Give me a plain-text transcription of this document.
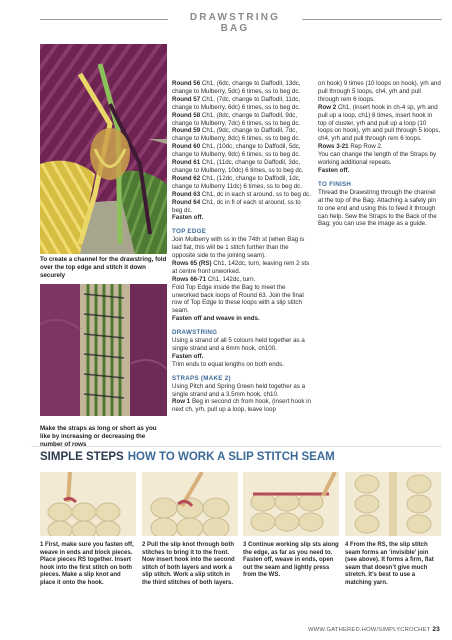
DRAWSTRING BAG
To create a channel for the drawstring, fold over the top edge and stitch it down securely
Make the straps as long or short as you like by increasing or decreasing the number of rows

Round 56 Ch1, (6dc, change to Daffodil, 13dc, change to Mulberry, 5dc) 6 times, ss to beg dc.

Round 57 Ch1, (7dc, change to Daffodil, 11dc, change to Mulberry, 6dc) 6 times, ss to beg dc.

Round 58 Ch1, (8dc, change to Daffodil, 9dc, change to Mulberry, 7dc) 6 times, ss to beg dc.

Round 59 Ch1, (9dc, change to Daffodil, 7dc, change to Mulberry, 8dc) 6 times, ss to beg dc.

Round 60 Ch1, (10dc, change to Daffodil, 5dc, change to Mulberry, 9dc) 6 times, ss to beg dc.

Round 61 Ch1, (11dc, change to Daffodil, 3dc, change to Mulberry, 10dc) 6 times, ss to beg dc.

Round 62 Ch1, (12dc, change to Daffodil, 1dc, change to Mulberry 11dc) 6 times, ss to beg dc.

Round 63 Ch1, dc in each st around, ss to beg dc.

Round 64 Ch1, dc in fl of each st around, ss to beg dc.

Fasten off.

TOP EDGE

Join Mulberry with ss in the 74th st (when Bag is laid flat, this will be 1 stitch further than the opposite side to the joining seam).

Rows 65 (RS) Ch1, 142dc, turn, leaving rem 2 sts at centre front unworked.

Rows 66-71 Ch1, 142dc, turn.

Fold Top Edge inside the Bag to meet the unworked back loops of Round 63. Join the final row of Top Edge to these loops with a slip stitch seam.

Fasten off and weave in ends.

DRAWSTRING

Using a strand of all 5 colours held together as a single strand and a 6mm hook, ch100.

Fasten off.

Trim ends to equal lengths on both ends.

STRAPS (MAKE 2)

Using Pitch and Spring Green held together as a single strand and a 3.5mm hook, ch10.

Row 1 Beg in second ch from hook, (insert hook in next ch, yrh, pull up a loop, leave loop

on hook) 9 times (10 loops on hook), yrh and pull through 5 loops, ch4, yrh and pull through rem 6 loops.

Row 2 Ch1, (insert hook in ch-4 sp, yrh and pull up a loop, ch1) 8 times, insert hook in top of cluster, yrh and pull up a loop (10 loops on hook), yrh and pull through 5 loops, ch4, yrh and pull through rem 6 loops.

Rows 3-21 Rep Row 2.

You can change the length of the Straps by working additional repeats.

Fasten off.

TO FINISH

Thread the Drawstring through the channel at the top of the Bag. Attaching a safety pin to one end and using this to feed it through can help. Sew the Straps to the Back of the Bag; you can use the image as a guide.

SIMPLE STEPS HOW TO WORK A SLIP STITCH SEAM
1 First, make sure you fasten off, weave in ends and block pieces. Place pieces RS together. Insert hook into the first stitch on both pieces. Make a slip knot and place it onto the hook.
2 Pull the slip knot through both stitches to bring it to the front. Now insert hook into the second stitch of both layers and work a slip stitch. Work a slip stitch in the third stitches of both layers.
3 Continue working slip sts along the edge, as far as you need to. Fasten off, weave in ends, open out the seam and lightly press from the WS.
4 From the RS, the slip stitch seam forms an ‘invisible’ join (see above). It forms a firm, flat seam that doesn’t give much stretch. It’s best to use a matching yarn.
WWW.GATHERED.HOW/SIMPLYCROCHET 23
